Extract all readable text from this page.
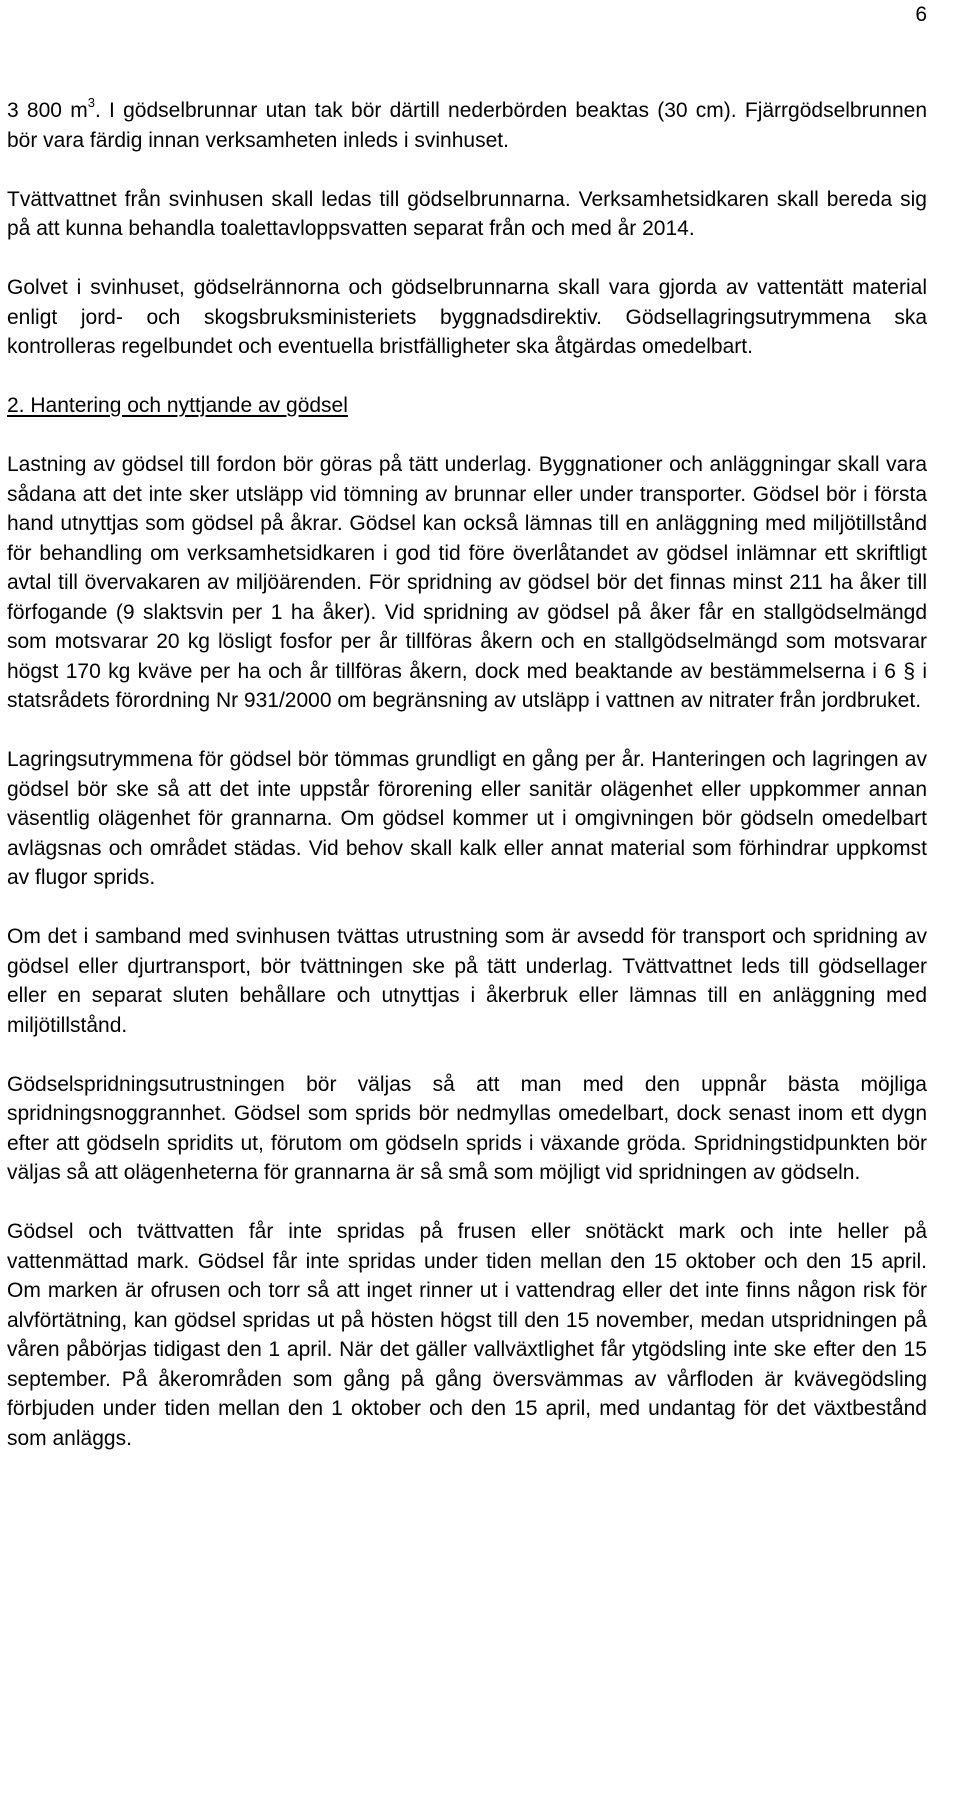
6

3 800 $m^3$. I gödselbrunnar utan tak bör därtill nederbörden beaktas (30 cm). Fjärrgödselbrunnen bör vara färdig innan verksamheten inleds i svinhuset.

Tvättvattnet från svinhusen skall ledas till gödselbrunnarna. Verksamhetsidkaren skall bereda sig på att kunna behandla toalettavloppsvatten separat från och med år 2014.

Golvet i svinhuset, gödselrännorna och gödselbrunnarna skall vara gjorda av vattentätt material enligt jord- och skogsbruksministeriets byggnadsdirektiv. Gödsellagringsutrymmena ska kontrolleras regelbundet och eventuella bristfälligheter ska åtgärdas omedelbart.

2. Hantering och nyttjande av gödsel

Lastning av gödsel till fordon bör göras på tätt underlag. Byggnationer och anläggningar skall vara sådana att det inte sker utsläpp vid tömning av brunnar eller under transporter. Gödsel bör i första hand utnyttjas som gödsel på åkrar. Gödsel kan också lämnas till en anläggning med miljötillstånd för behandling om verksamhetsidkaren i god tid före överlåtandet av gödsel inlämnar ett skriftligt avtal till övervakaren av miljöärenden. För spridning av gödsel bör det finnas minst 211 ha åker till förfogande (9 slaktsvin per 1 ha åker). Vid spridning av gödsel på åker får en stallgödselmängd som motsvarar 20 kg lösligt fosfor per år tillföras åkern och en stallgödselmängd som motsvarar högst 170 kg kväve per ha och år tillföras åkern, dock med beaktande av bestämmelserna i 6 § i statsrådets förordning Nr 931/2000 om begränsning av utsläpp i vattnen av nitrater från jordbruket.

Lagringsutrymmena för gödsel bör tömmas grundligt en gång per år. Hanteringen och lagringen av gödsel bör ske så att det inte uppstår förorening eller sanitär olägenhet eller uppkommer annan väsentlig olägenhet för grannarna. Om gödsel kommer ut i omgivningen bör gödseln omedelbart avlägsnas och området städas. Vid behov skall kalk eller annat material som förhindrar uppkomst av flugor sprids.

Om det i samband med svinhusen tvättas utrustning som är avsedd för transport och spridning av gödsel eller djurtransport, bör tvättningen ske på tätt underlag. Tvättvattnet leds till gödsellager eller en separat sluten behållare och utnyttjas i åkerbruk eller lämnas till en anläggning med miljötillstånd.

Gödselspridningsutrustningen bör väljas så att man med den uppnår bästa möjliga spridningsnoggrannhet. Gödsel som sprids bör nedmyllas omedelbart, dock senast inom ett dygn efter att gödseln spridits ut, förutom om gödseln sprids i växande gröda. Spridningstidpunkten bör väljas så att olägenheterna för grannarna är så små som möjligt vid spridningen av gödseln.

Gödsel och tvättvatten får inte spridas på frusen eller snötäckt mark och inte heller på vattenmättad mark. Gödsel får inte spridas under tiden mellan den 15 oktober och den 15 april. Om marken är ofrusen och torr så att inget rinner ut i vattendrag eller det inte finns någon risk för alvförtätning, kan gödsel spridas ut på hösten högst till den 15 november, medan utspridningen på våren påbörjas tidigast den 1 april. När det gäller vallväxtlighet får ytgödsling inte ske efter den 15 september. På åkerområden som gång på gång översvämmas av vårfloden är kvävegödsling förbjuden under tiden mellan den 1 oktober och den 15 april, med undantag för det växtbestånd som anläggs.
